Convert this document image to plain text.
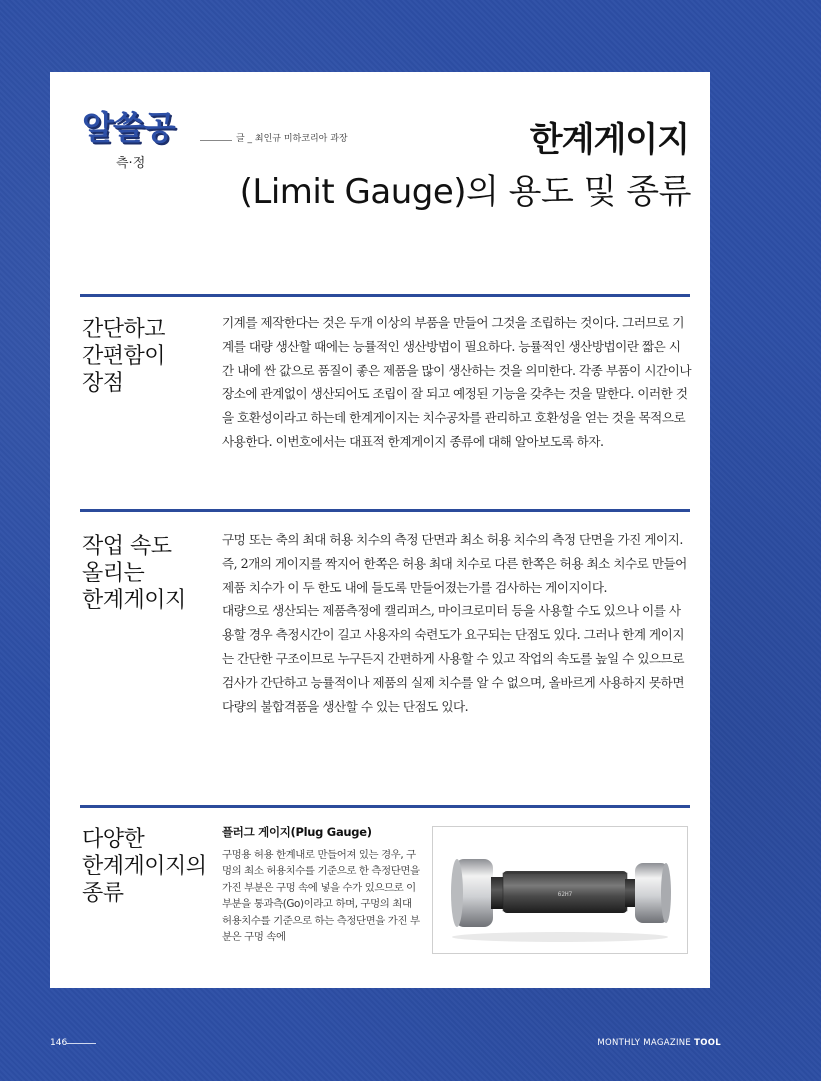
알쓸공	글 _ 최인규 미하코리아 과장
측·정
한계게이지
(Limit Gauge)의 용도 및 종류
간단하고
간편함이
장점

기계를 제작한다는 것은 두개 이상의 부품을 만들어 그것을 조립하는 것이다. 그러므로 기계를 대량 생산할 때에는 능률적인 생산방법이 필요하다. 능률적인 생산방법이란 짧은 시간 내에 싼 값으로 품질이 좋은 제품을 많이 생산하는 것을 의미한다. 각종 부품이 시간이나 장소에 관계없이 생산되어도 조립이 잘 되고 예정된 기능을 갖추는 것을 말한다. 이러한 것을 호환성이라고 하는데 한계게이지는 치수공차를 관리하고 호환성을 얻는 것을 목적으로 사용한다. 이번호에서는 대표적 한계게이지 종류에 대해 알아보도록 하자.

작업 속도
올리는
한계게이지

구멍 또는 축의 최대 허용 치수의 측정 단면과 최소 허용 치수의 측정 단면을 가진 게이지. 즉, 2개의 게이지를 짝지어 한쪽은 허용 최대 치수로 다른 한쪽은 허용 최소 치수로 만들어 제품 치수가 이 두 한도 내에 들도록 만들어졌는가를 검사하는 게이지이다.

대량으로 생산되는 제품측정에 캘리퍼스, 마이크로미터 등을 사용할 수도 있으나 이를 사용할 경우 측정시간이 길고 사용자의 숙련도가 요구되는 단점도 있다. 그러나 한계 게이지는 간단한 구조이므로 누구든지 간편하게 사용할 수 있고 작업의 속도를 높일 수 있으므로 검사가 간단하고 능률적이나 제품의 실제 치수를 알 수 없으며, 올바르게 사용하지 못하면 다량의 불합격품을 생산할 수 있는 단점도 있다.

다양한
한계게이지의
종류
플러그 게이지(Plug Gauge)

구멍용 허용 한계내로 만들어져 있는 경우, 구멍의 최소 허용치수를 기준으로 한 측정단면을 가진 부분은 구멍 속에 넣을 수가 있으므로 이 부분을 통과측(Go)이라고 하며, 구멍의 최대 허용치수를 기준으로 하는 측정단면을 가진 부분은 구멍 속에

62H7
146	MONTHLY MAGAZINE TOOL
